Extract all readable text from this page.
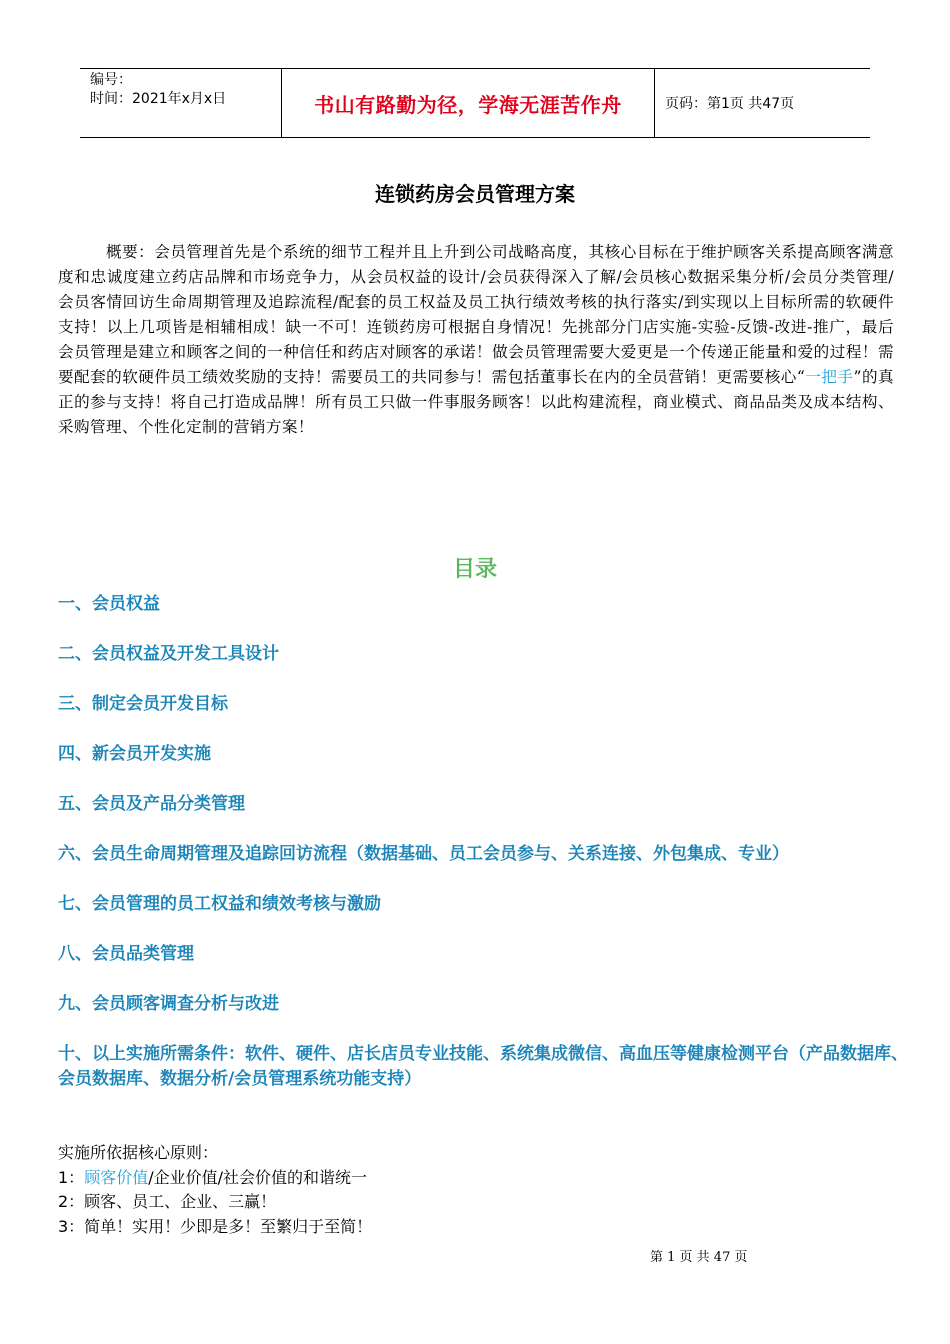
编号：
时间：2021年x月x日	书山有路勤为径，学海无涯苦作舟	页码：第1页 共47页
连锁药房会员管理方案

概要：会员管理首先是个系统的细节工程并且上升到公司战略高度，其核心目标在于维护顾客关系提高顾客满意度和忠诚度建立药店品牌和市场竞争力，从会员权益的设计/会员获得深入了解/会员核心数据采集分析/会员分类管理/会员客情回访生命周期管理及追踪流程/配套的员工权益及员工执行绩效考核的执行落实/到实现以上目标所需的软硬件支持！以上几项皆是相辅相成！缺一不可！连锁药房可根据自身情况！先挑部分门店实施-实验-反馈-改进-推广，最后会员管理是建立和顾客之间的一种信任和药店对顾客的承诺！做会员管理需要大爱更是一个传递正能量和爱的过程！需要配套的软硬件员工绩效奖励的支持！需要员工的共同参与！需包括董事长在内的全员营销！更需要核心“一把手”的真正的参与支持！将自己打造成品牌！所有员工只做一件事服务顾客！以此构建流程，商业模式、商品品类及成本结构、采购管理、个性化定制的营销方案！

目录
一、会员权益
二、会员权益及开发工具设计
三、制定会员开发目标
四、新会员开发实施
五、会员及产品分类管理
六、会员生命周期管理及追踪回访流程（数据基础、员工会员参与、关系连接、外包集成、专业）
七、会员管理的员工权益和绩效考核与激励
八、会员品类管理
九、会员顾客调查分析与改进
十、以上实施所需条件：软件、硬件、店长店员专业技能、系统集成微信、高血压等健康检测平台（产品数据库、会员数据库、数据分析/会员管理系统功能支持）
实施所依据核心原则：
1：顾客价值/企业价值/社会价值的和谐统一
2：顾客、员工、企业、三赢！
3：简单！实用！少即是多！至繁归于至简！
第 1 页 共 47 页
